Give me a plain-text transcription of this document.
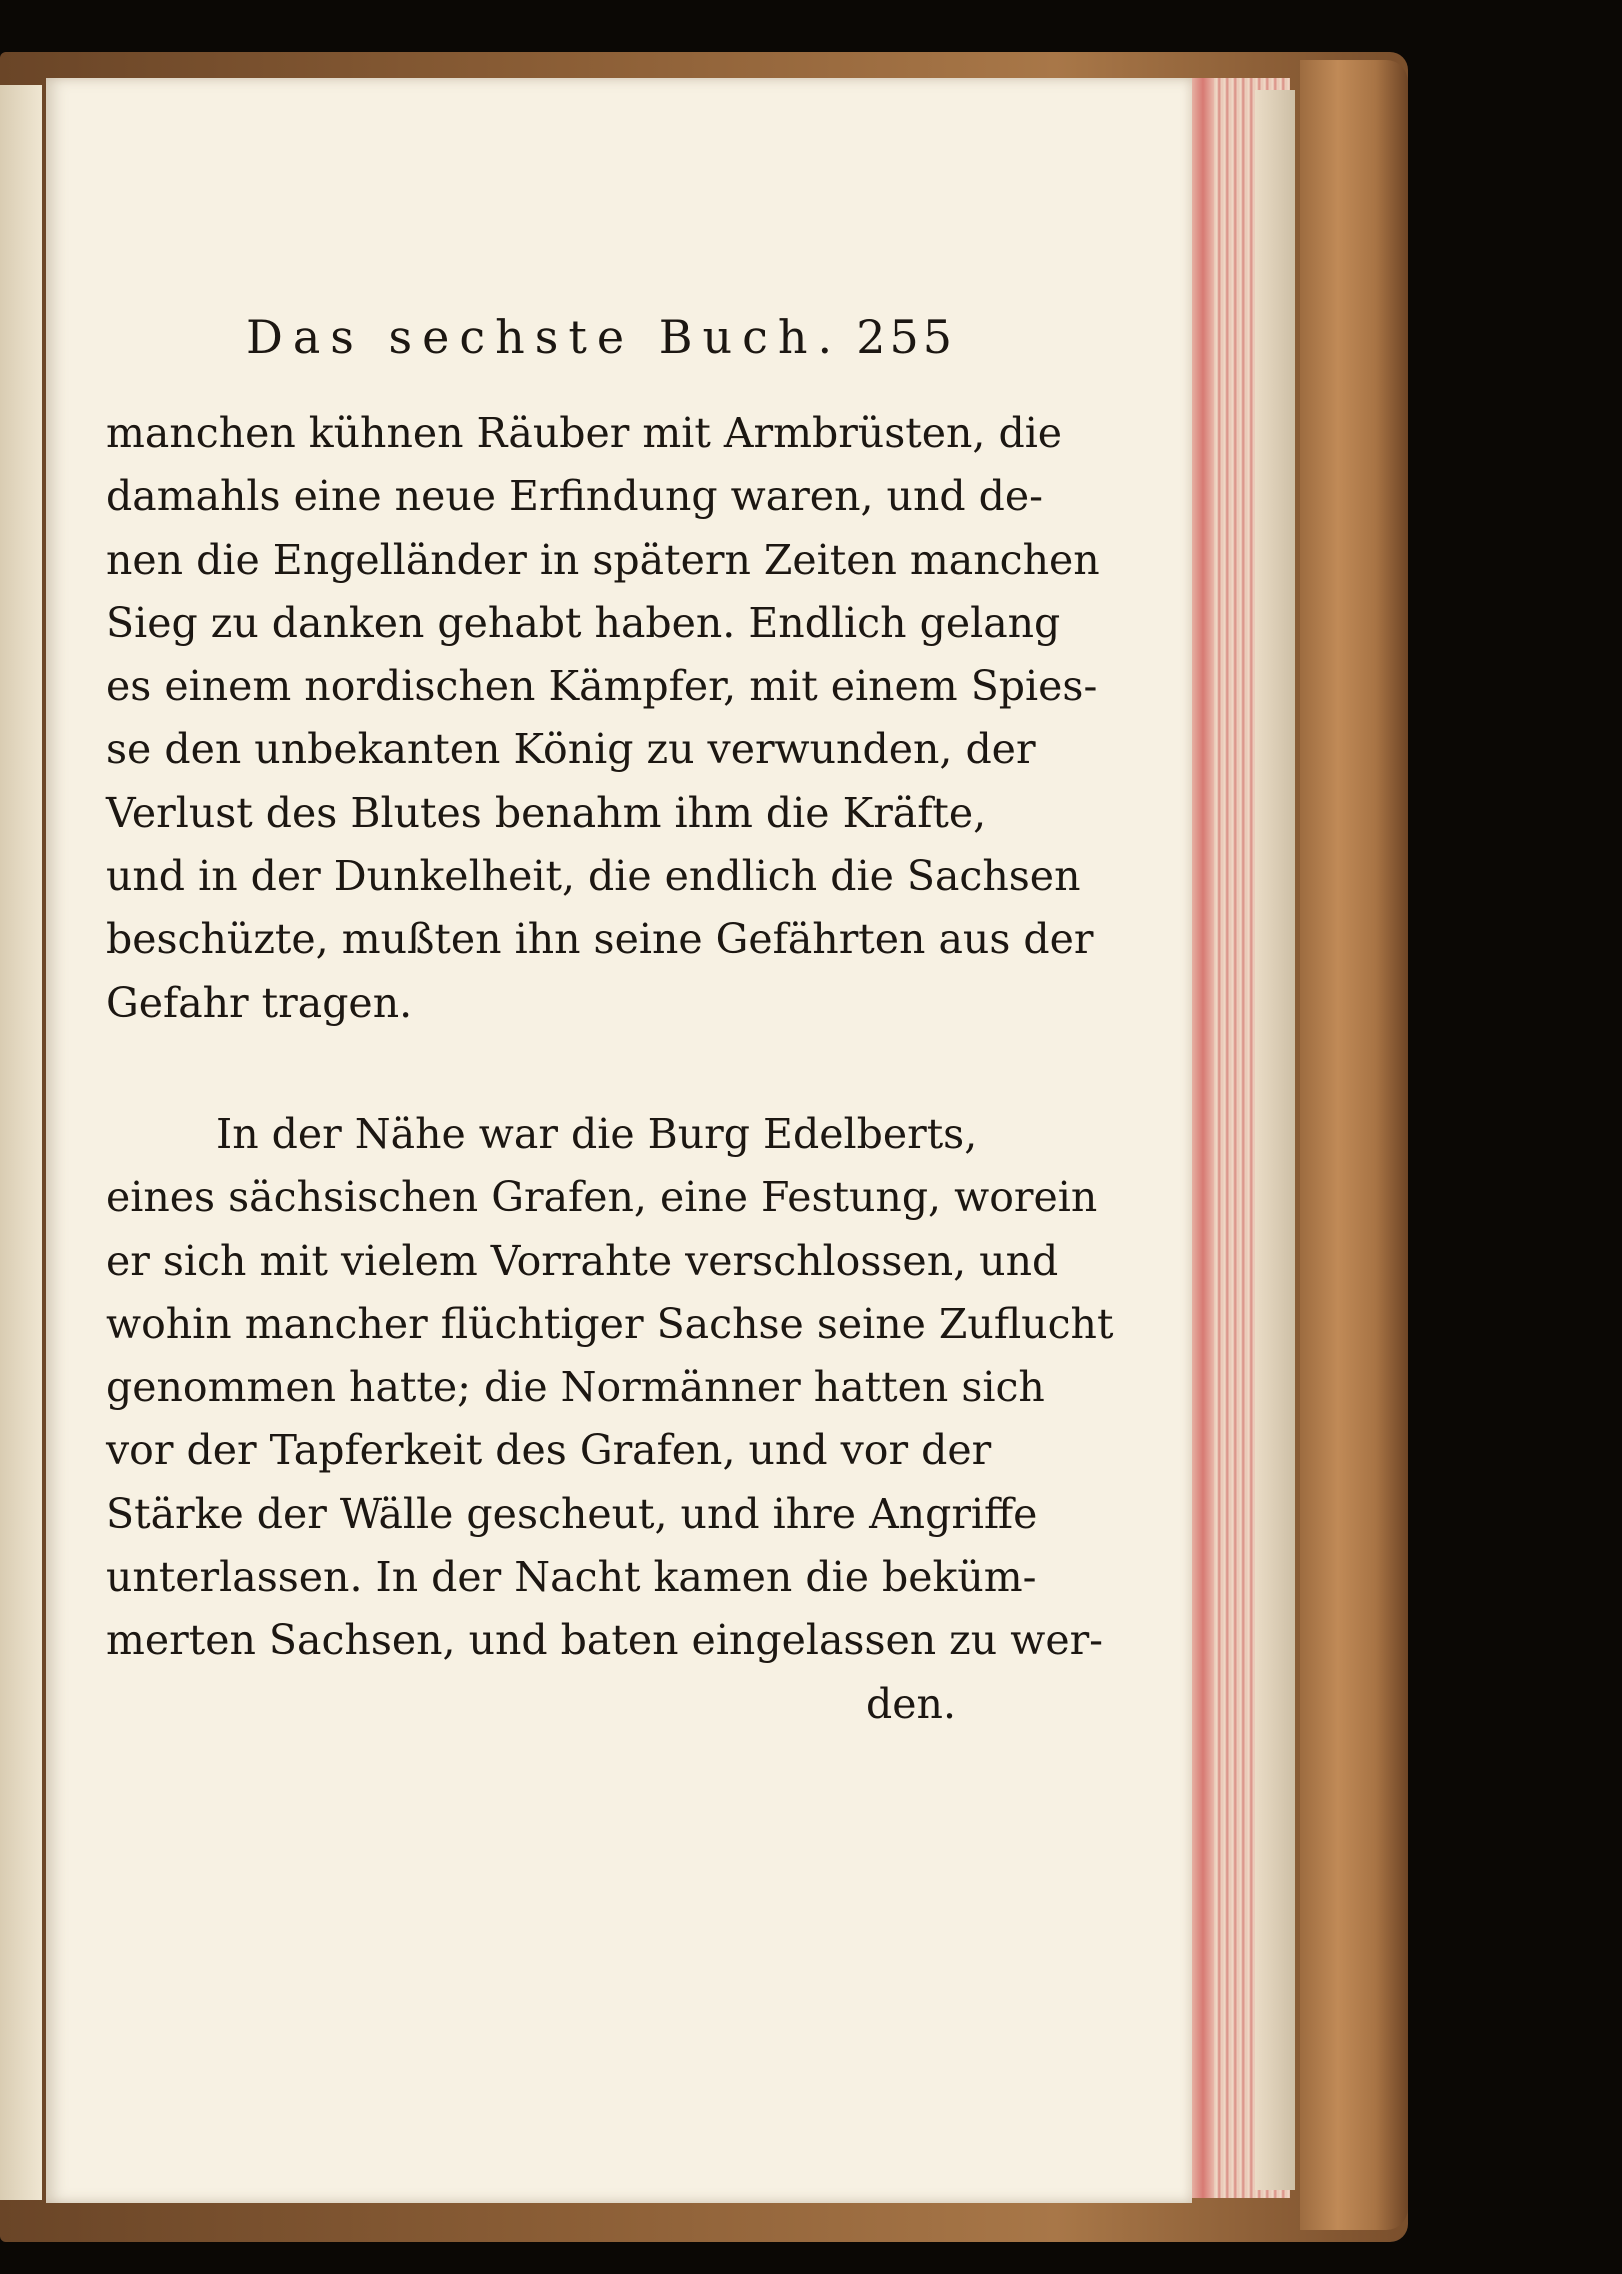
Das sechste Buch. 255
manchen kühnen Räuber mit Armbrüsten, die
damahls eine neue Erfindung waren, und de-
nen die Engelländer in spätern Zeiten manchen
Sieg zu danken gehabt haben. Endlich gelang
es einem nordischen Kämpfer, mit einem Spies-
se den unbekanten König zu verwunden, der
Verlust des Blutes benahm ihm die Kräfte,
und in der Dunkelheit, die endlich die Sachsen
beschüzte, mußten ihn seine Gefährten aus der
Gefahr tragen.
In der Nähe war die Burg Edelberts,
eines sächsischen Grafen, eine Festung, worein
er sich mit vielem Vorrahte verschlossen, und
wohin mancher flüchtiger Sachse seine Zuflucht
genommen hatte; die Normänner hatten sich
vor der Tapferkeit des Grafen, und vor der
Stärke der Wälle gescheut, und ihre Angriffe
unterlassen. In der Nacht kamen die beküm-
merten Sachsen, und baten eingelassen zu wer-
den.
